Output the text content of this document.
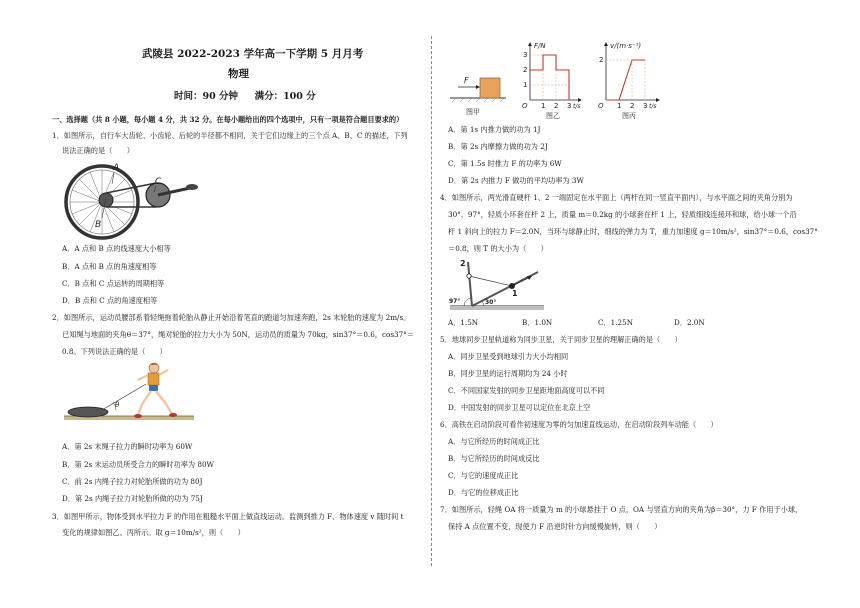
武陵县 2022-2023 学年高一下学期 5 月月考
物理
时间：90 分钟     满分：100 分
一、选择题（共 8 小题，每小题 4 分，共 32 分。在每小题给出的四个选项中，只有一项是符合题目要求的）
1．如图所示，自行车大齿轮、小齿轮、后轮的半径都不相同，关于它们边缘上的三个点 A、B、C 的描述，下列
说法正确的是（　　）
A
B
C
A．A 点和 B 点的线速度大小相等
B．A 点和 B 点的角速度相等
C．B 点和 C 点运转的周期相等
D．B 点和 C 点的角速度相等
2．如图所示，运动员腰部系着轻绳拖着轮胎从静止开始沿着笔直的跑道匀加速奔跑，2s 末轮胎的速度为 2m/s。
已知绳与地面的夹角θ＝37°，绳对轮胎的拉力大小为 50N，运动员的质量为 70kg，sin37°＝0.6，cos37°＝
0.8。下列说法正确的是（　　）
θ
A．第 2s 末绳子拉力的瞬时功率为 60W
B．第 2s 末运动员所受合力的瞬时功率为 80W
C．前 2s 内绳子拉力对轮胎所做的功为 80J
D．第 2s 内绳子拉力对轮胎所做的功为 75J
3．如图甲所示，物体受到水平拉力 F 的作用在粗糙水平面上做直线运动。监测到推力 F、物体速度 v 随时间 t
变化的规律如图乙、丙所示。取 g＝10m/s²，则（　　）
F
图甲
F/N
3
2
1
O 1 2 3 t/s
图乙
v/(m·s⁻¹)
2
O 1 2 3 t/s
图丙
A．第 1s 内推力做的功为 1J
B．第 2s 内摩擦力做的功为 2J
C．第 1.5s 时推力 F 的功率为 6W
D．第 2s 内推力 F 做功的平均功率为 3W
4．如图所示，两光滑直硬杆 1、2 一端固定在水平面上（两杆在同一竖直平面内），与水平面之间的夹角分别为
30°、97°，轻质小环套在杆 2 上，质量 m＝0.2kg 的小球套在杆 1 上，轻质细线连接环和球，给小球一个沿
杆 1 斜向上的拉力 F＝2.0N，当环与球静止时，细线的弹力为 T，重力加速度 g＝10m/s²，sin37°＝0.6，cos37°
＝0.8，则 T 的大小为（　　）
2
1
97°	30°
A．1.5N	B．1.0N	C．1.25N	D．2.0N
5．地球同步卫星轨道称为同步卫星，关于同步卫星的理解正确的是（　　）
A．同步卫星受到地球引力大小均相同
B．同步卫星的运行周期均为 24 小时
C．不同国家发射的同步卫星距地面高度可以不同
D．中国发射的同步卫星可以定位在北京上空
6．高铁在启动阶段可看作初速度为零的匀加速直线运动，在启动阶段列车动能（　　）
A．与它所经历的时间成正比
B．与它所经历的时间成反比
C．与它的速度成正比
D．与它的位移成正比
7．如图所示，轻绳 OA 将一质量为 m 的小球悬挂于 O 点，OA 与竖直方向的夹角为β＝30°，力 F 作用于小球，
保持 A 点位置不变，现使力 F 沿逆时针方向缓慢旋转，则（　　）
